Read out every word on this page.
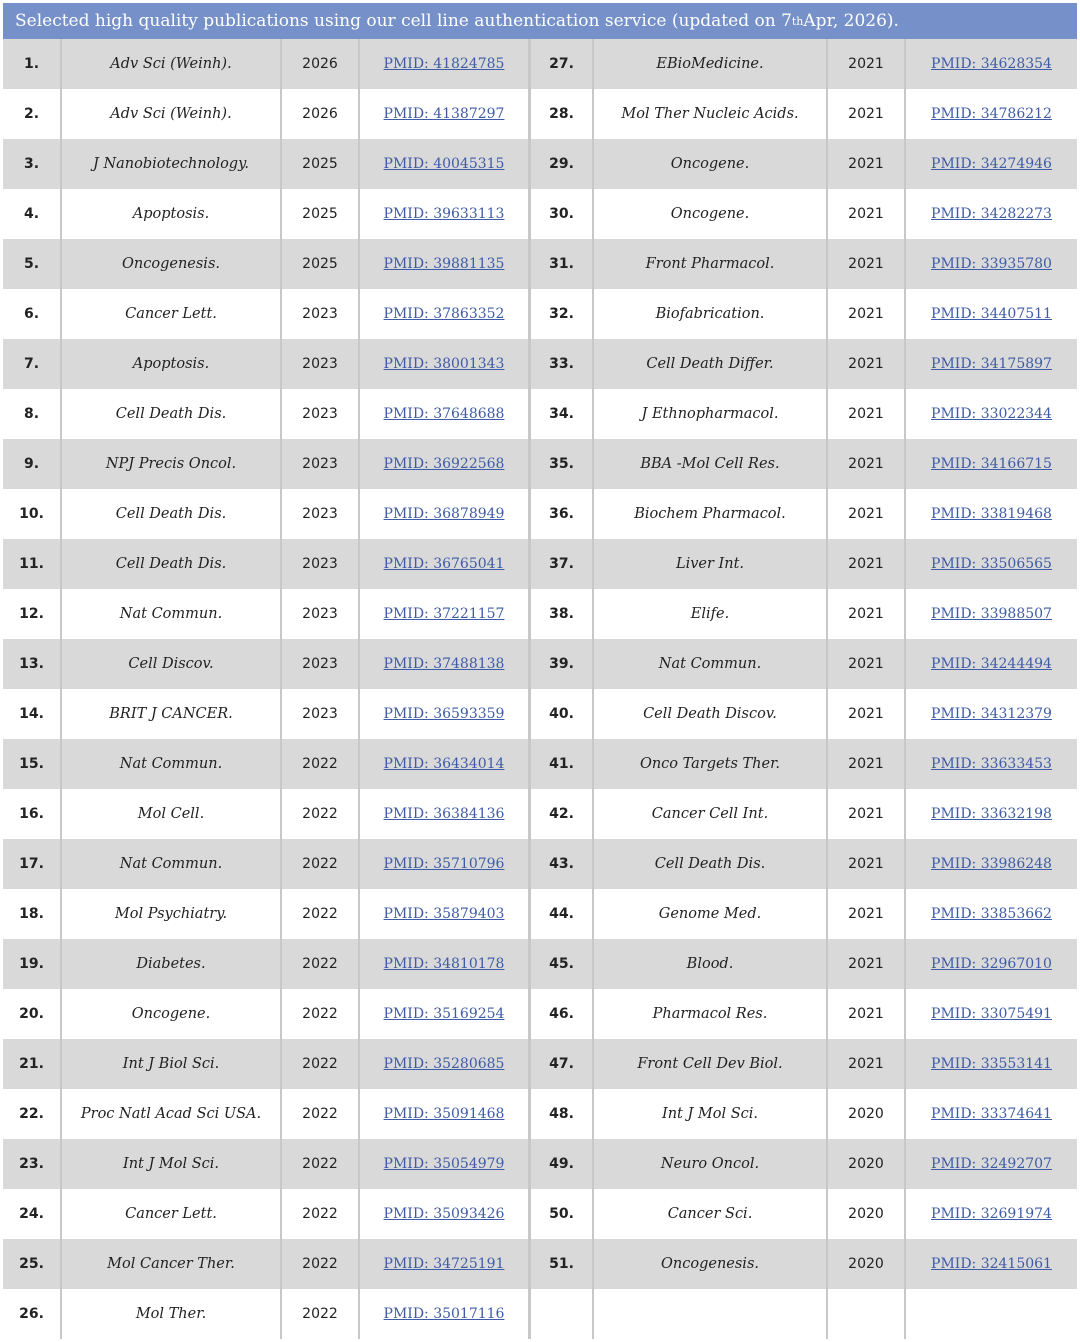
Selected high quality publications using our cell line authentication service (updated on 7 th Apr, 2026).
1.	Adv Sci (Weinh).	2026	PMID: 41824785
2.	Adv Sci (Weinh).	2026	PMID: 41387297
3.	J Nanobiotechnology.	2025	PMID: 40045315
4.	Apoptosis.	2025	PMID: 39633113
5.	Oncogenesis.	2025	PMID: 39881135
6.	Cancer Lett.	2023	PMID: 37863352
7.	Apoptosis.	2023	PMID: 38001343
8.	Cell Death Dis.	2023	PMID: 37648688
9.	NPJ Precis Oncol.	2023	PMID: 36922568
10.	Cell Death Dis.	2023	PMID: 36878949
11.	Cell Death Dis.	2023	PMID: 36765041
12.	Nat Commun.	2023	PMID: 37221157
13.	Cell Discov.	2023	PMID: 37488138
14.	BRIT J CANCER.	2023	PMID: 36593359
15.	Nat Commun.	2022	PMID: 36434014
16.	Mol Cell.	2022	PMID: 36384136
17.	Nat Commun.	2022	PMID: 35710796
18.	Mol Psychiatry.	2022	PMID: 35879403
19.	Diabetes.	2022	PMID: 34810178
20.	Oncogene.	2022	PMID: 35169254
21.	Int J Biol Sci.	2022	PMID: 35280685
22.	Proc Natl Acad Sci USA.	2022	PMID: 35091468
23.	Int J Mol Sci.	2022	PMID: 35054979
24.	Cancer Lett.	2022	PMID: 35093426
25.	Mol Cancer Ther.	2022	PMID: 34725191
26.	Mol Ther.	2022	PMID: 35017116
27.	EBioMedicine.	2021	PMID: 34628354
28.	Mol Ther Nucleic Acids.	2021	PMID: 34786212
29.	Oncogene.	2021	PMID: 34274946
30.	Oncogene.	2021	PMID: 34282273
31.	Front Pharmacol.	2021	PMID: 33935780
32.	Biofabrication.	2021	PMID: 34407511
33.	Cell Death Differ.	2021	PMID: 34175897
34.	J Ethnopharmacol.	2021	PMID: 33022344
35.	BBA -Mol Cell Res.	2021	PMID: 34166715
36.	Biochem Pharmacol.	2021	PMID: 33819468
37.	Liver Int.	2021	PMID: 33506565
38.	Elife.	2021	PMID: 33988507
39.	Nat Commun.	2021	PMID: 34244494
40.	Cell Death Discov.	2021	PMID: 34312379
41.	Onco Targets Ther.	2021	PMID: 33633453
42.	Cancer Cell Int.	2021	PMID: 33632198
43.	Cell Death Dis.	2021	PMID: 33986248
44.	Genome Med.	2021	PMID: 33853662
45.	Blood.	2021	PMID: 32967010
46.	Pharmacol Res.	2021	PMID: 33075491
47.	Front Cell Dev Biol.	2021	PMID: 33553141
48.	Int J Mol Sci.	2020	PMID: 33374641
49.	Neuro Oncol.	2020	PMID: 32492707
50.	Cancer Sci.	2020	PMID: 32691974
51.	Oncogenesis.	2020	PMID: 32415061
